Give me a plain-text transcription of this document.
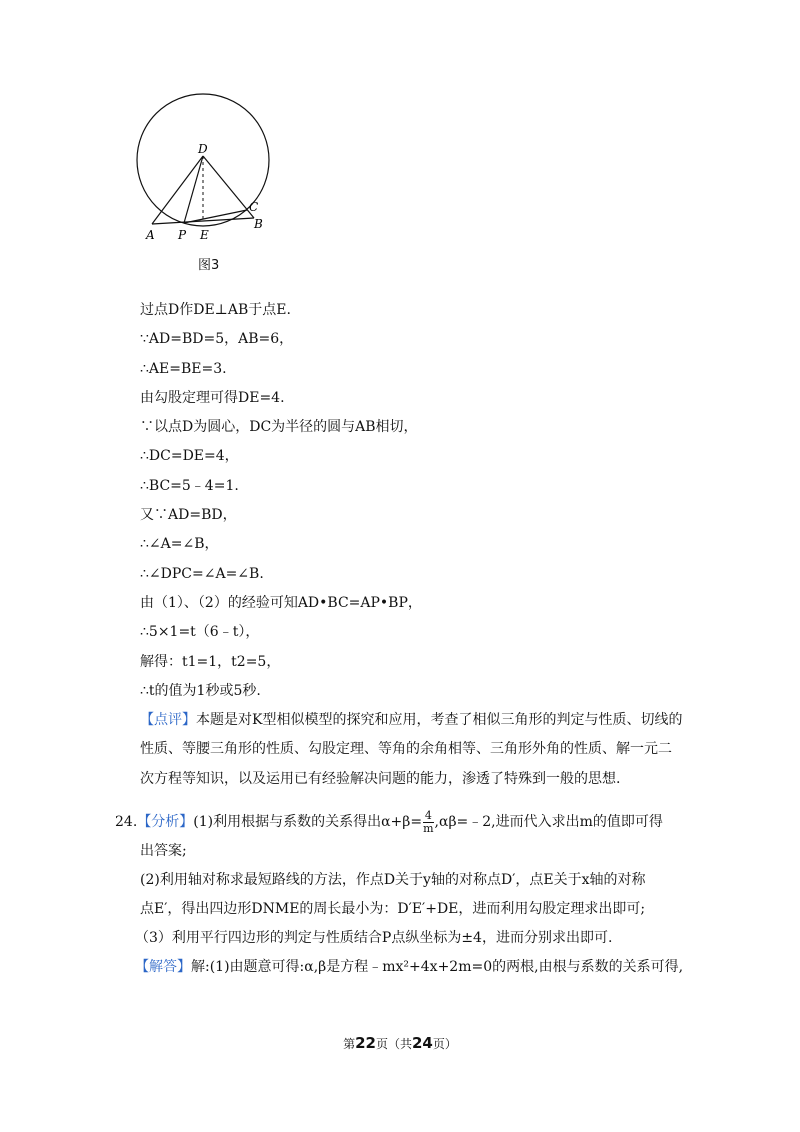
D
C
A P E
B
图3
过点D作DE⊥AB于点E.
∵AD=BD=5，AB=6，
∴AE=BE=3.
由勾股定理可得DE=4.
∵以点D为圆心，DC为半径的圆与AB相切，
∴DC=DE=4，
∴BC=5﹣4=1.
又∵AD=BD，
∴∠A=∠B，
∴∠DPC=∠A=∠B.
由（1）、（2）的经验可知AD•BC=AP•BP，
∴5×1=t（6﹣t），
解得：t1=1，t2=5，
∴t的值为1秒或5秒.
【点评】本题是对K型相似模型的探究和应用，考查了相似三角形的判定与性质、切线的性质、等腰三角形的性质、勾股定理、等角的余角相等、三角形外角的性质、解一元二次方程等知识，以及运用已有经验解决问题的能力，渗透了特殊到一般的思想.
24.【分析】(1)利用根据与系数的关系得出$\alpha+\beta= \frac{4}{m}$ ,αβ=﹣2,进而代入求出m的值即可得
出答案;
(2)利用轴对称求最短路线的方法，作点D关于y轴的对称点D′，点E关于x轴的对称
点E′，得出四边形DNME的周长最小为：D′E′+DE，进而利用勾股定理求出即可;
（3）利用平行四边形的判定与性质结合P点纵坐标为±4，进而分别求出即可.
【解答】解:(1)由题意可得:α,β是方程﹣mx²+4x+2m=0的两根,由根与系数的关系可得,
第22页（共24页）
